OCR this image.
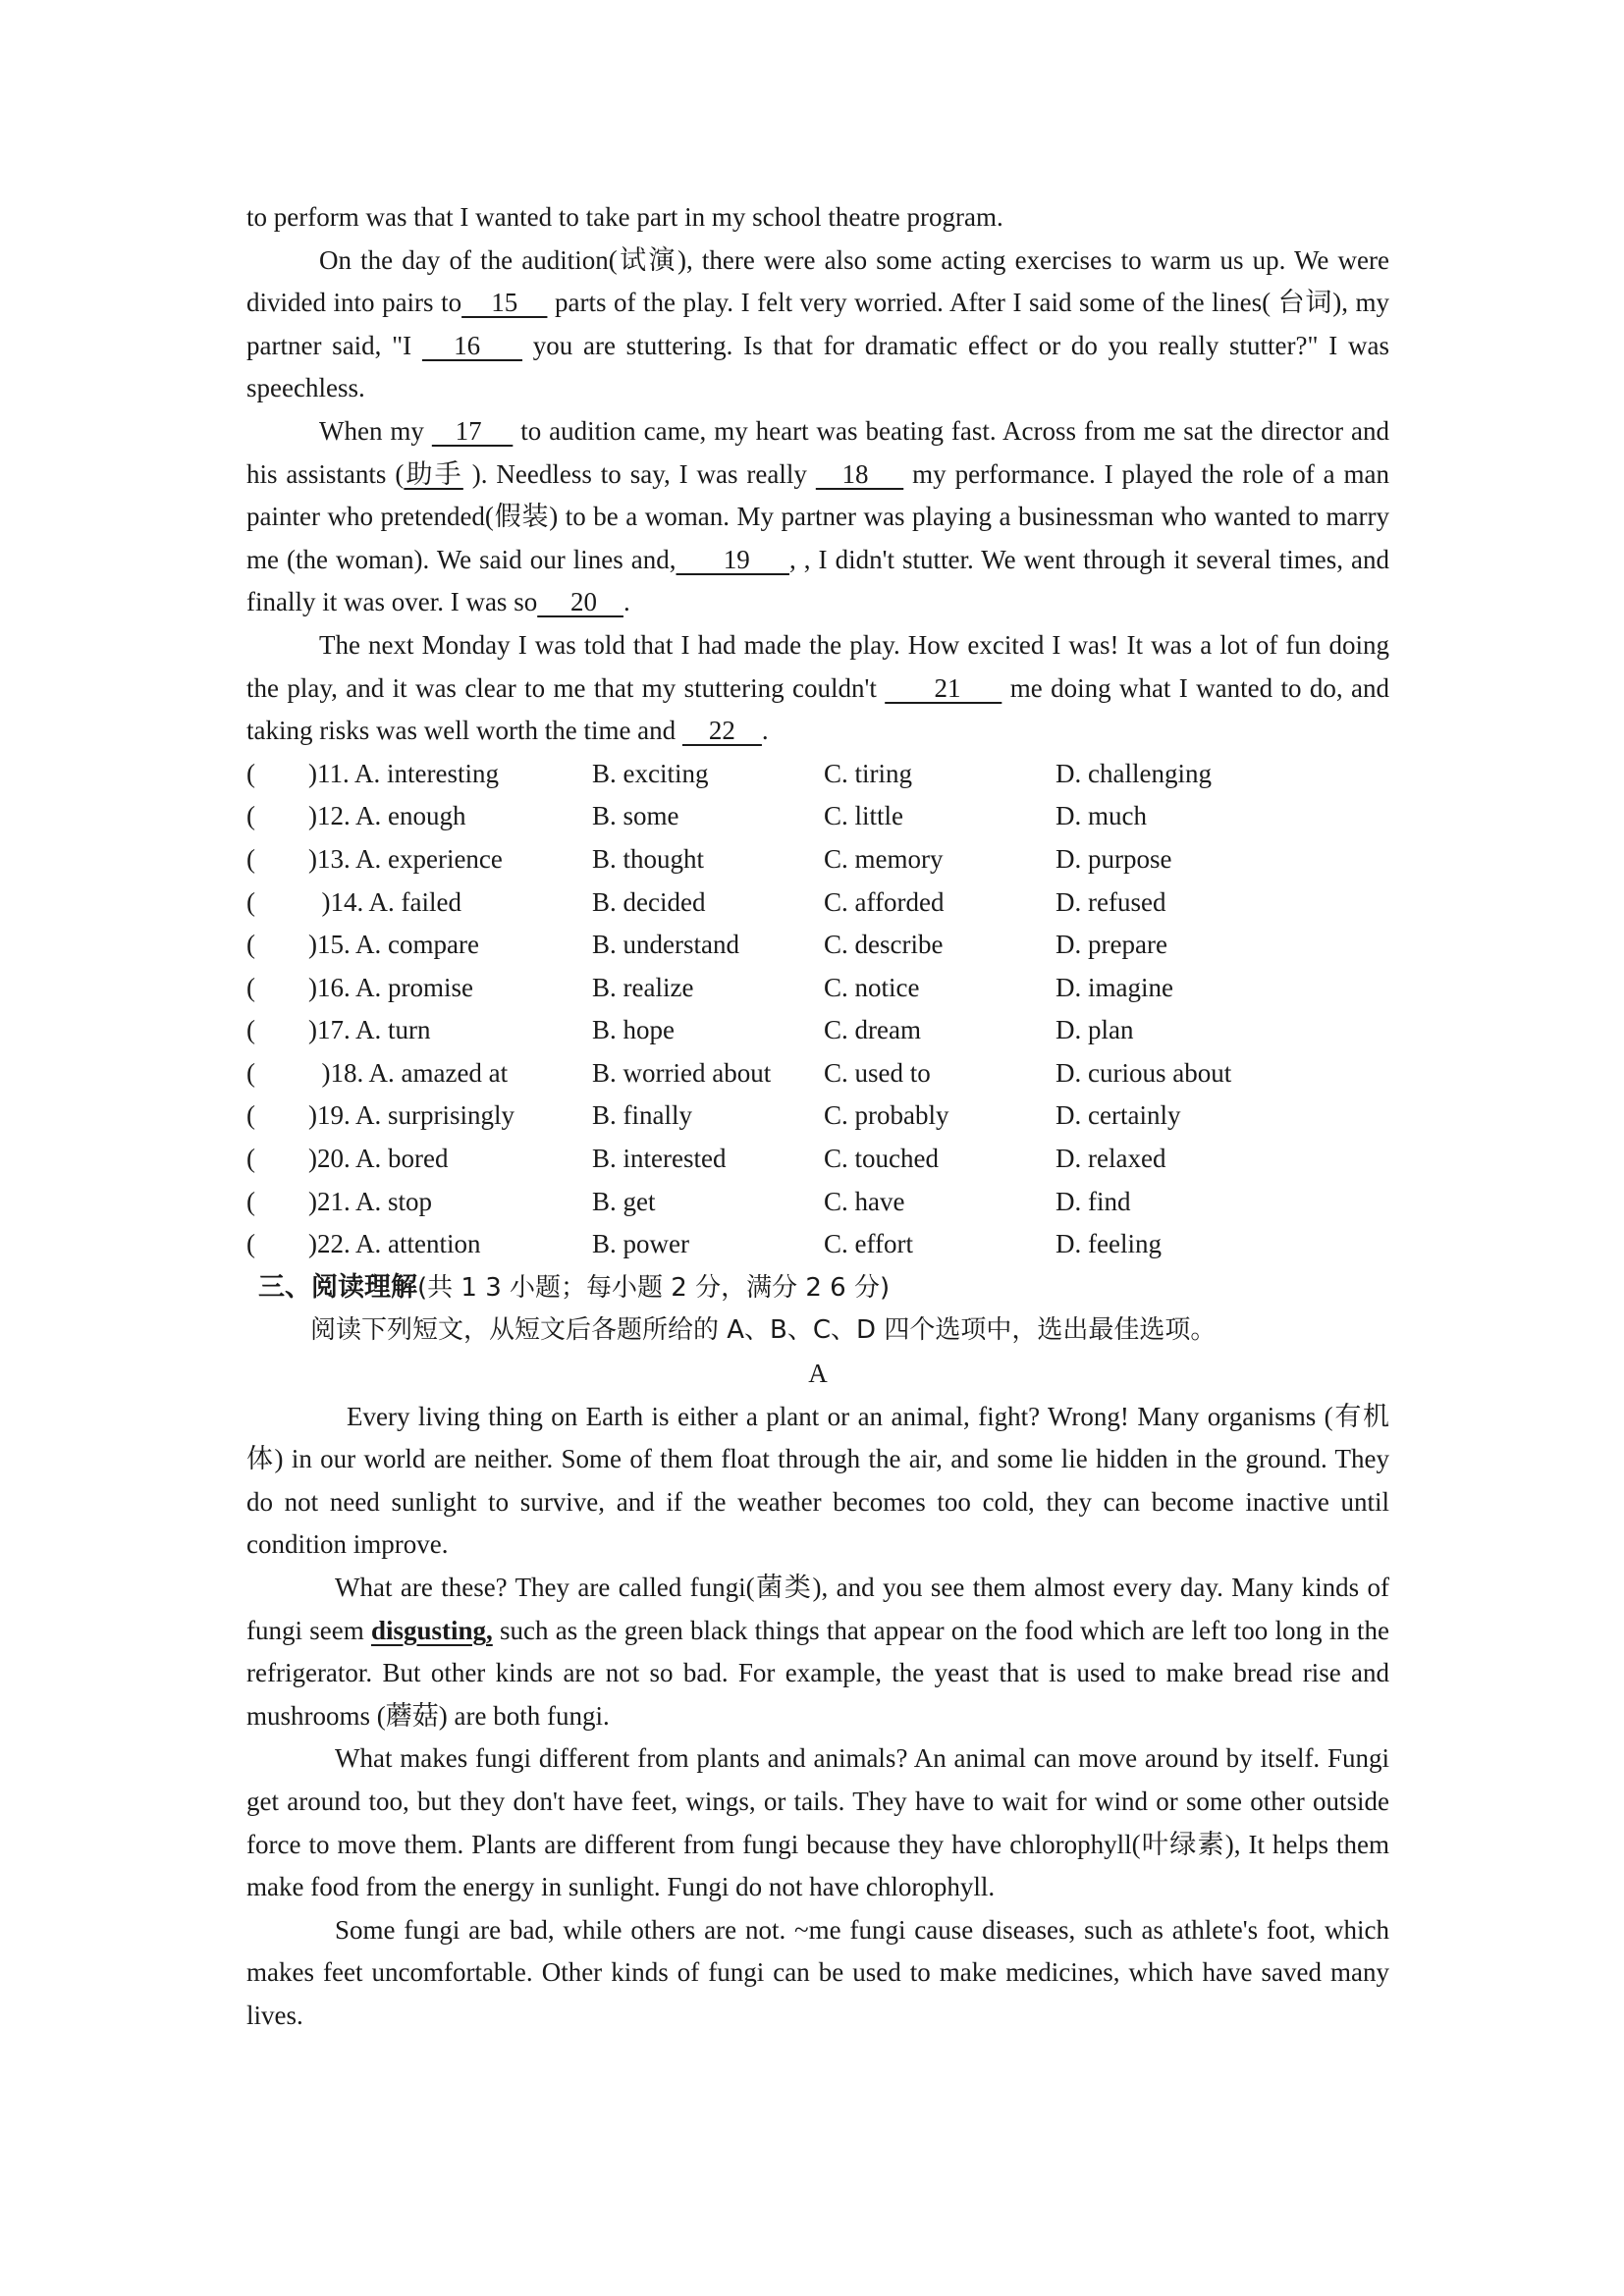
to perform was that I wanted to take part in my school theatre program.

On the day of the audition(试演), there were also some acting exercises to warm us up. We were divided into pairs to    15     parts of the play. I felt very worried. After I said some of the lines( 台词), my partner said, "I    16     you are stuttering. Is that for dramatic effect or do you really stutter?" I was speechless.

When my    17     to audition came, my heart was beating fast. Across from me sat the director and his assistants (助手 ). Needless to say, I was really    18     my performance. I played the role of a man painter who pretended(假装) to be a woman. My partner was playing a businessman who wanted to marry me (the woman). We said our lines and,      19     , , I didn't stutter. We went through it several times, and finally it was over. I was so     20    .

The next Monday I was told that I had made the play. How excited I was! It was a lot of fun doing the play, and it was clear to me that my stuttering couldn't       21      me doing what I wanted to do, and taking risks was well worth the time and     22    .

(        )11. A. interesting	B. exciting	C. tiring	D. challenging
(        )12. A. enough	B. some	C. little	D. much
(        )13. A. experience	B. thought	C. memory	D. purpose
(          )14. A. failed	B. decided	C. afforded	D. refused
(        )15. A. compare	B. understand	C. describe	D. prepare
(        )16. A. promise	B. realize	C. notice	D. imagine
(        )17. A. turn	B. hope	C. dream	D. plan
(          )18. A. amazed at	B. worried about	C. used to	D. curious about
(        )19. A. surprisingly	B. finally	C. probably	D. certainly
(        )20. A. bored	B. interested	C. touched	D. relaxed
(        )21. A. stop	B. get	C. have	D. find
(        )22. A. attention	B. power	C. effort	D. feeling

三、阅读理解(共 1 3 小题；每小题 2 分，满分 2 6 分)

阅读下列短文，从短文后各题所给的 A、B、C、D 四个选项中，选出最佳选项。

A

Every living thing on Earth is either a plant or an animal, fight? Wrong! Many organisms (有机体) in our world are neither. Some of them float through the air, and some lie hidden in the ground. They do not need sunlight to survive, and if the weather becomes too cold, they can become inactive until condition improve.

What are these? They are called fungi(菌类), and you see them almost every day. Many kinds of fungi seem disgusting, such as the green black things that appear on the food which are left too long in the refrigerator. But other kinds are not so bad. For example, the yeast that is used to make bread rise and mushrooms (蘑菇) are both fungi.

What makes fungi different from plants and animals? An animal can move around by itself. Fungi get around too, but they don't have feet, wings, or tails. They have to wait for wind or some other outside force to move them. Plants are different from fungi because they have chlorophyll(叶绿素), It helps them make food from the energy in sunlight. Fungi do not have chlorophyll.

Some fungi are bad, while others are not. ~me fungi cause diseases, such as athlete's foot, which makes feet uncomfortable. Other kinds of fungi can be used to make medicines, which have saved many lives.
